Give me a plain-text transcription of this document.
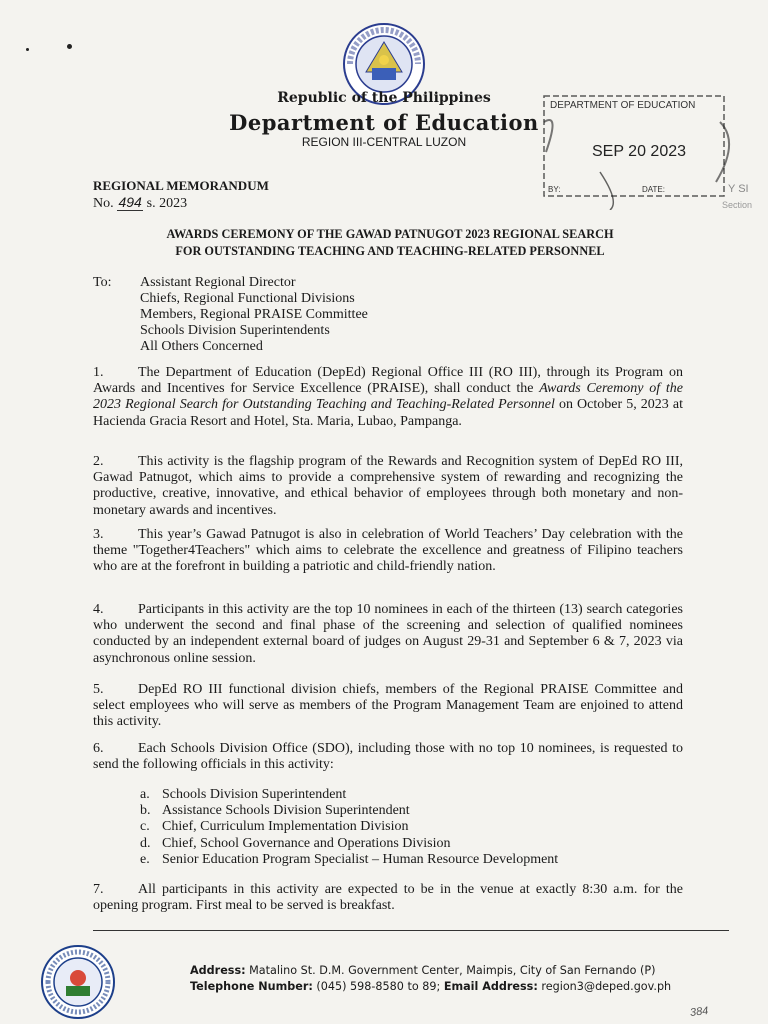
Republic of the Philippines
Department of Education
REGION III-CENTRAL LUZON
DEPARTMENT OF EDUCATION
SEP 20 2023
BY:	DATE:	Y SI
Section
REGIONAL MEMORANDUM
No. 494 s. 2023
AWARDS CEREMONY OF THE GAWAD PATNUGOT 2023 REGIONAL SEARCH
FOR OUTSTANDING TEACHING AND TEACHING-RELATED PERSONNEL
To: Assistant Regional Director
Chiefs, Regional Functional Divisions
Members, Regional PRAISE Committee
Schools Division Superintendents
All Others Concerned
1. The Department of Education (DepEd) Regional Office III (RO III), through its Program on Awards and Incentives for Service Excellence (PRAISE), shall conduct the Awards Ceremony of the 2023 Regional Search for Outstanding Teaching and Teaching-Related Personnel on October 5, 2023 at Hacienda Gracia Resort and Hotel, Sta. Maria, Lubao, Pampanga.
2. This activity is the flagship program of the Rewards and Recognition system of DepEd RO III, Gawad Patnugot, which aims to provide a comprehensive system of rewarding and recognizing the productive, creative, innovative, and ethical behavior of employees through both monetary and non-monetary awards and incentives.
3. This year’s Gawad Patnugot is also in celebration of World Teachers’ Day celebration with the theme "Together4Teachers" which aims to celebrate the excellence and greatness of Filipino teachers who are at the forefront in building a patriotic and child-friendly nation.
4. Participants in this activity are the top 10 nominees in each of the thirteen (13) search categories who underwent the second and final phase of the screening and selection of qualified nominees conducted by an independent external board of judges on August 29-31 and September 6 & 7, 2023 via asynchronous online session.
5. DepEd RO III functional division chiefs, members of the Regional PRAISE Committee and select employees who will serve as members of the Program Management Team are enjoined to attend this activity.
6. Each Schools Division Office (SDO), including those with no top 10 nominees, is requested to send the following officials in this activity:
a. Schools Division Superintendent
b. Assistance Schools Division Superintendent
c. Chief, Curriculum Implementation Division
d. Chief, School Governance and Operations Division
e. Senior Education Program Specialist – Human Resource Development
7. All participants in this activity are expected to be in the venue at exactly 8:30 a.m. for the opening program. First meal to be served is breakfast.
Address: Matalino St. D.M. Government Center, Maimpis, City of San Fernando (P)
Telephone Number: (045) 598-8580 to 89; Email Address: region3@deped.gov.ph
384
